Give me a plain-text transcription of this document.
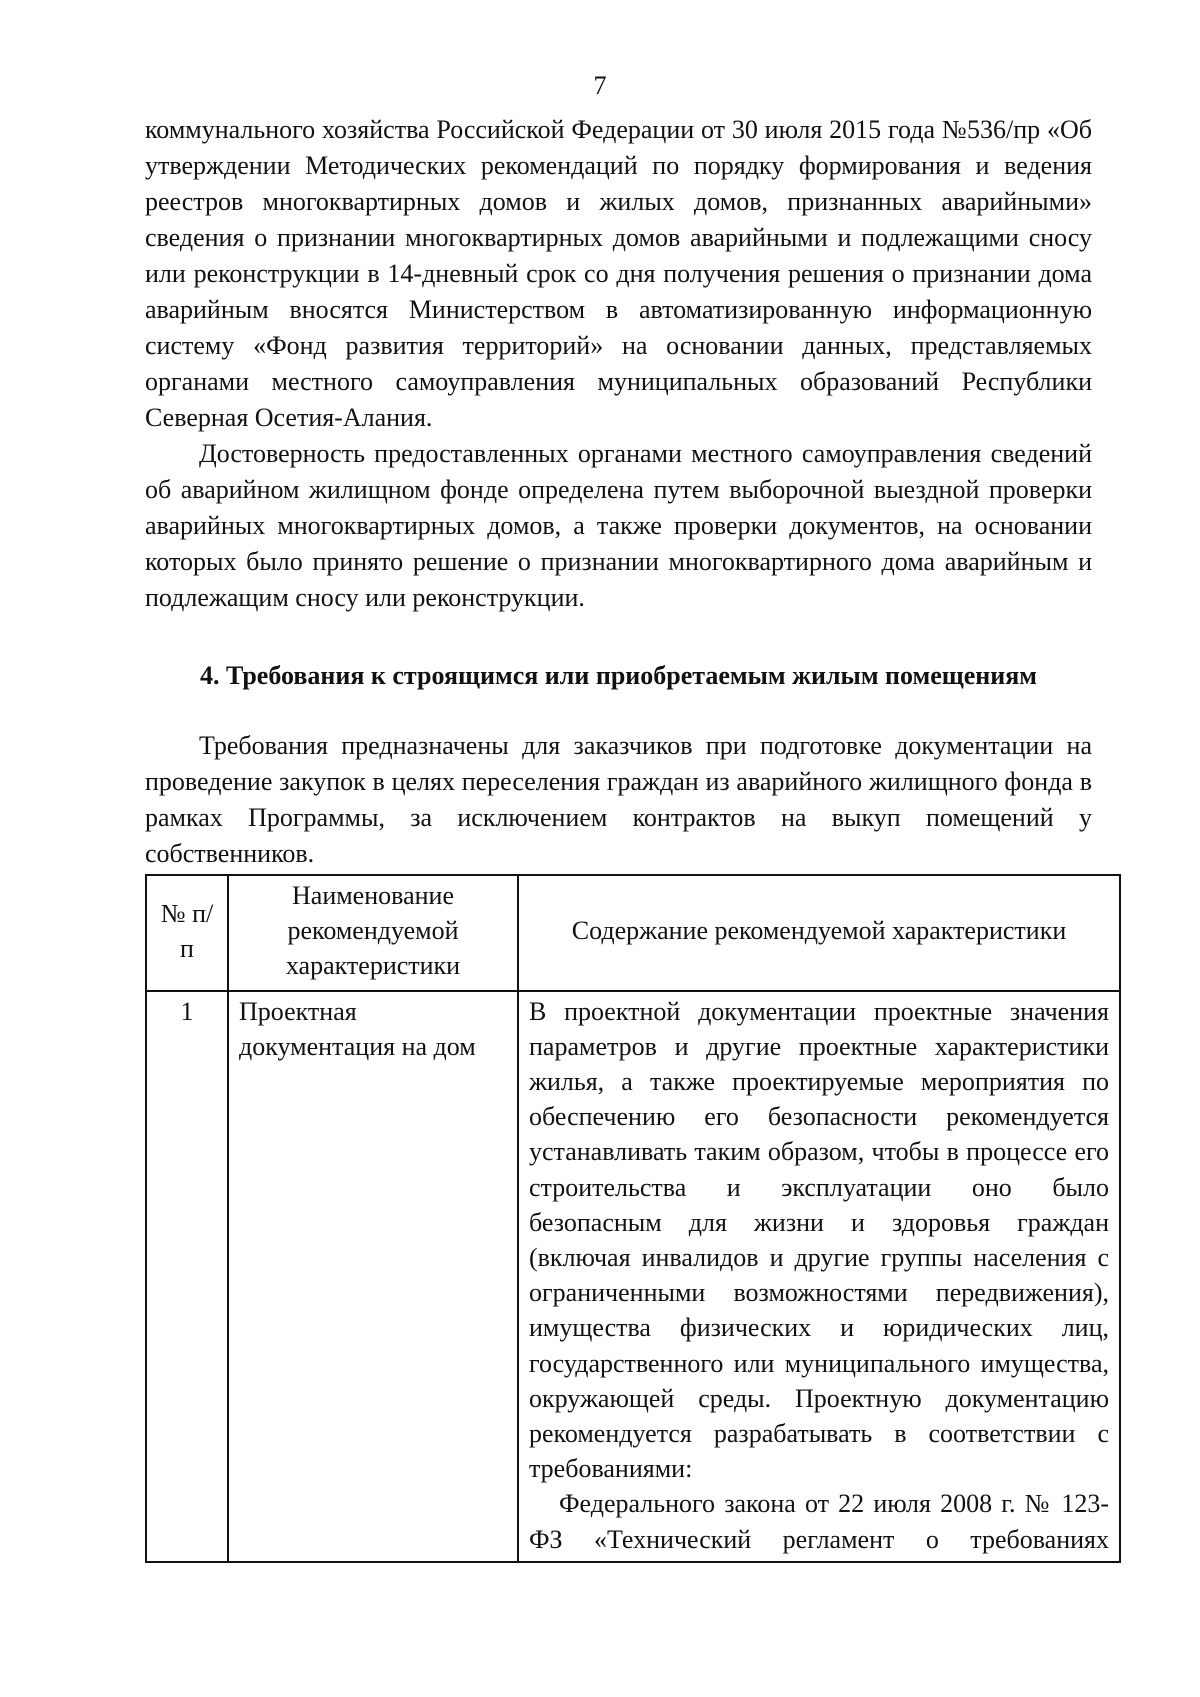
7

коммунального хозяйства Российской Федерации от 30 июля 2015 года №536/пр «Об утверждении Методических рекомендаций по порядку формирования и ведения реестров многоквартирных домов и жилых домов, признанных аварийными» сведения о признании многоквартирных домов аварийными и подлежащими сносу или реконструкции в 14-дневный срок со дня получения решения о признании дома аварийным вносятся Министерством в автоматизированную информационную систему «Фонд развития территорий» на основании данных, представляемых органами местного самоуправления муниципальных образований Республики Северная Осетия-Алания.

Достоверность предоставленных органами местного самоуправления сведений об аварийном жилищном фонде определена путем выборочной выездной проверки аварийных многоквартирных домов, а также проверки документов, на основании которых было принято решение о признании многоквартирного дома аварийным и подлежащим сносу или реконструкции.

4. Требования к строящимся или приобретаемым жилым помещениям

Требования предназначены для заказчиков при подготовке документации на проведение закупок в целях переселения граждан из аварийного жилищного фонда в рамках Программы, за исключением контрактов на выкуп помещений у собственников.

№ п/п	Наименование рекомендуемой характеристики	Содержание рекомендуемой характеристики
1	Проектная документация на дом	В проектной документации проектные значения параметров и другие проектные характеристики жилья, а также проектируемые мероприятия по обеспечению его безопасности рекомендуется устанавливать таким образом, чтобы в процессе его строительства и эксплуатации оно было безопасным для жизни и здоровья граждан (включая инвалидов и другие группы населения с ограниченными возможностями передвижения), имущества физических и юридических лиц, государственного или муниципального имущества, окружающей среды. Проектную документацию рекомендуется разрабатывать в соответствии с требованиями:

Федерального закона от 22 июля 2008 г. № 123-ФЗ «Технический регламент о требованиях
